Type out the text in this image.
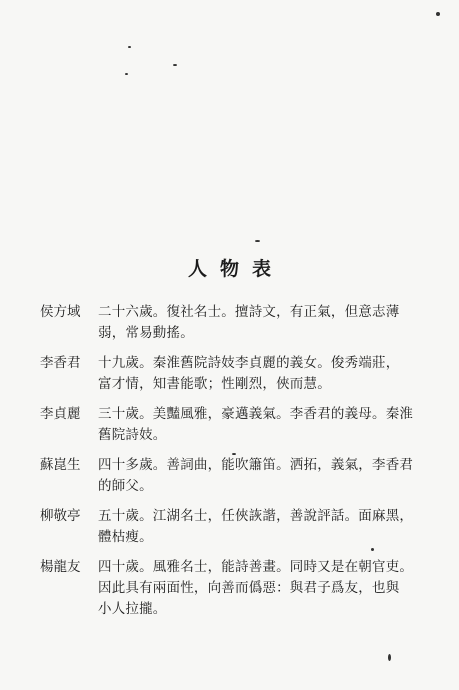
人物表
侯方域	二十六歲。復社名士。擅詩文，有正氣，但意志薄
弱，常易動搖。
李香君	十九歲。秦淮舊院詩妓李貞麗的義女。俊秀端莊，
富才情，知書能歌；性剛烈，俠而慧。
李貞麗	三十歲。美豔風雅，豪邁義氣。李香君的義母。秦淮
舊院詩妓。
蘇崑生	四十多歲。善詞曲，能吹簫笛。洒拓，義氣，李香君
的師父。
柳敬亭	五十歲。江湖名士，任俠詼諧，善說評話。面麻黑，
體枯瘦。
楊龍友	四十歲。風雅名士，能詩善畫。同時又是在朝官吏。
因此具有兩面性，向善而僞惡：與君子爲友，也與
小人拉攏。
